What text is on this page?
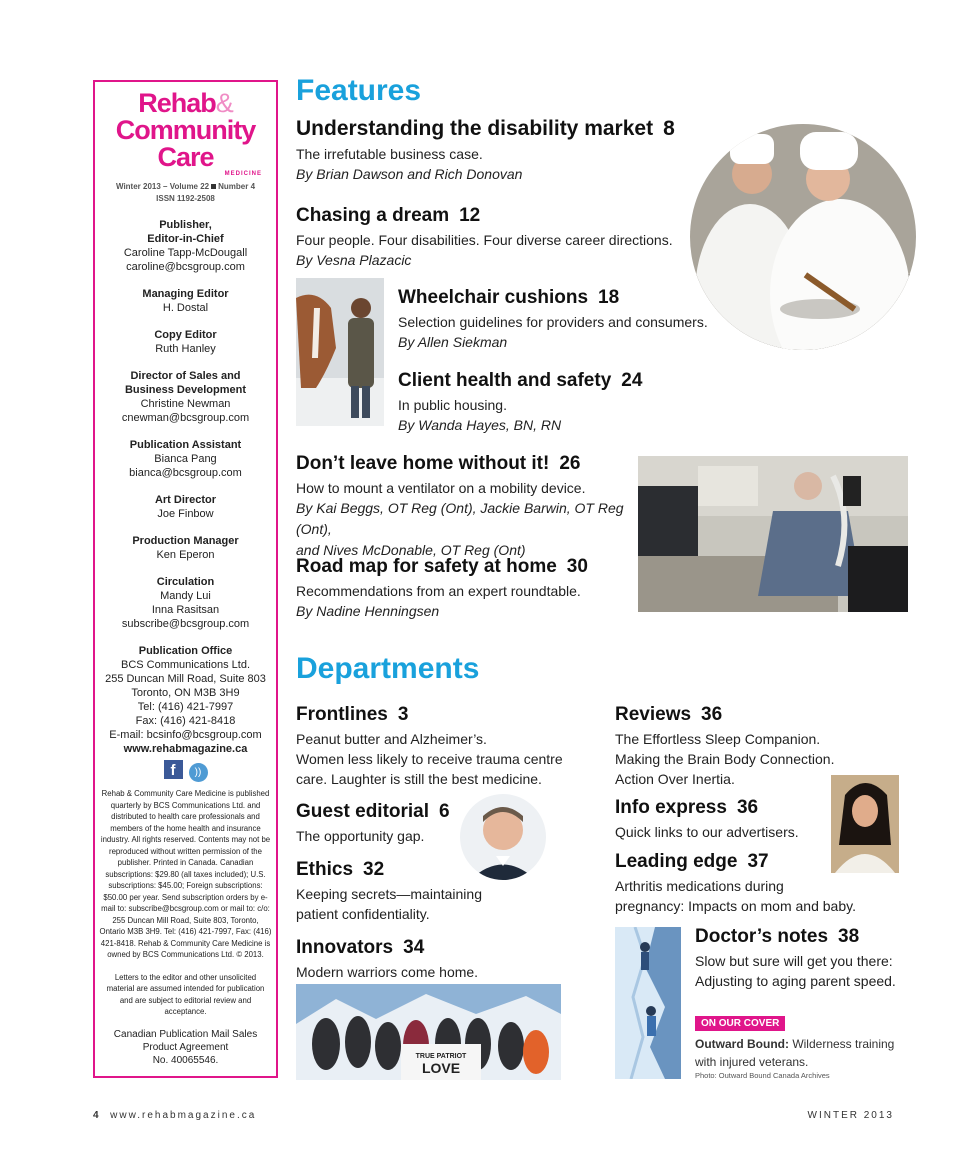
Rehab&
Community Care
MEDICINE
Winter 2013 – Volume 22 Number 4
ISSN 1192-2508
Publisher,
Editor-in-Chief
Caroline Tapp-McDougall
caroline@bcsgroup.com
Managing Editor
H. Dostal
Copy Editor
Ruth Hanley
Director of Sales and
Business Development
Christine Newman
cnewman@bcsgroup.com
Publication Assistant
Bianca Pang
bianca@bcsgroup.com
Art Director
Joe Finbow
Production Manager
Ken Eperon
Circulation
Mandy Lui
Inna Rasitsan
subscribe@bcsgroup.com
Publication Office
BCS Communications Ltd.
255 Duncan Mill Road, Suite 803
Toronto, ON M3B 3H9
Tel: (416) 421-7997
Fax: (416) 421-8418
E-mail: bcsinfo@bcsgroup.com
www.rehabmagazine.ca
f ))
Rehab & Community Care Medicine is published quarterly by BCS Communications Ltd. and distributed to health care professionals and members of the home health and insurance industry. All rights reserved. Contents may not be reproduced without written permission of the publisher. Printed in Canada. Canadian subscriptions: $29.80 (all taxes included); U.S. subscriptions: $45.00; Foreign subscriptions: $50.00 per year. Send subscription orders by e-mail to: subscribe@bcsgroup.com or mail to: c/o: 255 Duncan Mill Road, Suite 803, Toronto, Ontario M3B 3H9. Tel: (416) 421-7997, Fax: (416) 421-8418. Rehab & Community Care Medicine is owned by BCS Communications Ltd. © 2013.
Letters to the editor and other unsolicited material are assumed intended for publication and are subject to editorial review and acceptance.
Canadian Publication Mail Sales
Product Agreement
No. 40065546.
Features
Understanding the disability market 8
The irrefutable business case.
By Brian Dawson and Rich Donovan
Chasing a dream 12
Four people. Four disabilities. Four diverse career directions.
By Vesna Plazacic
Wheelchair cushions 18
Selection guidelines for providers and consumers.
By Allen Siekman
Client health and safety 24
In public housing.
By Wanda Hayes, BN, RN
Don’t leave home without it! 26
How to mount a ventilator on a mobility device.
By Kai Beggs, OT Reg (Ont), Jackie Barwin, OT Reg (Ont),
and Nives McDonable, OT Reg (Ont)
Road map for safety at home 30
Recommendations from an expert roundtable.
By Nadine Henningsen
Departments
Frontlines 3
Peanut butter and Alzheimer’s.
Women less likely to receive trauma centre
care. Laughter is still the best medicine.
Guest editorial 6
The opportunity gap.
Ethics 32
Keeping secrets—maintaining
patient confidentiality.
Innovators 34
Modern warriors come home.
TRUE PATRIOT
LOVE
Reviews 36
The Effortless Sleep Companion.
Making the Brain Body Connection.
Action Over Inertia.
Info express 36
Quick links to our advertisers.
Leading edge 37
Arthritis medications during
pregnancy: Impacts on mom and baby.
Doctor’s notes 38
Slow but sure will get you there:
Adjusting to aging parent speed.
ON OUR COVER
Outward Bound: Wilderness training
with injured veterans.
Photo: Outward Bound Canada Archives
4 www.rehabmagazine.ca	WINTER 2013
